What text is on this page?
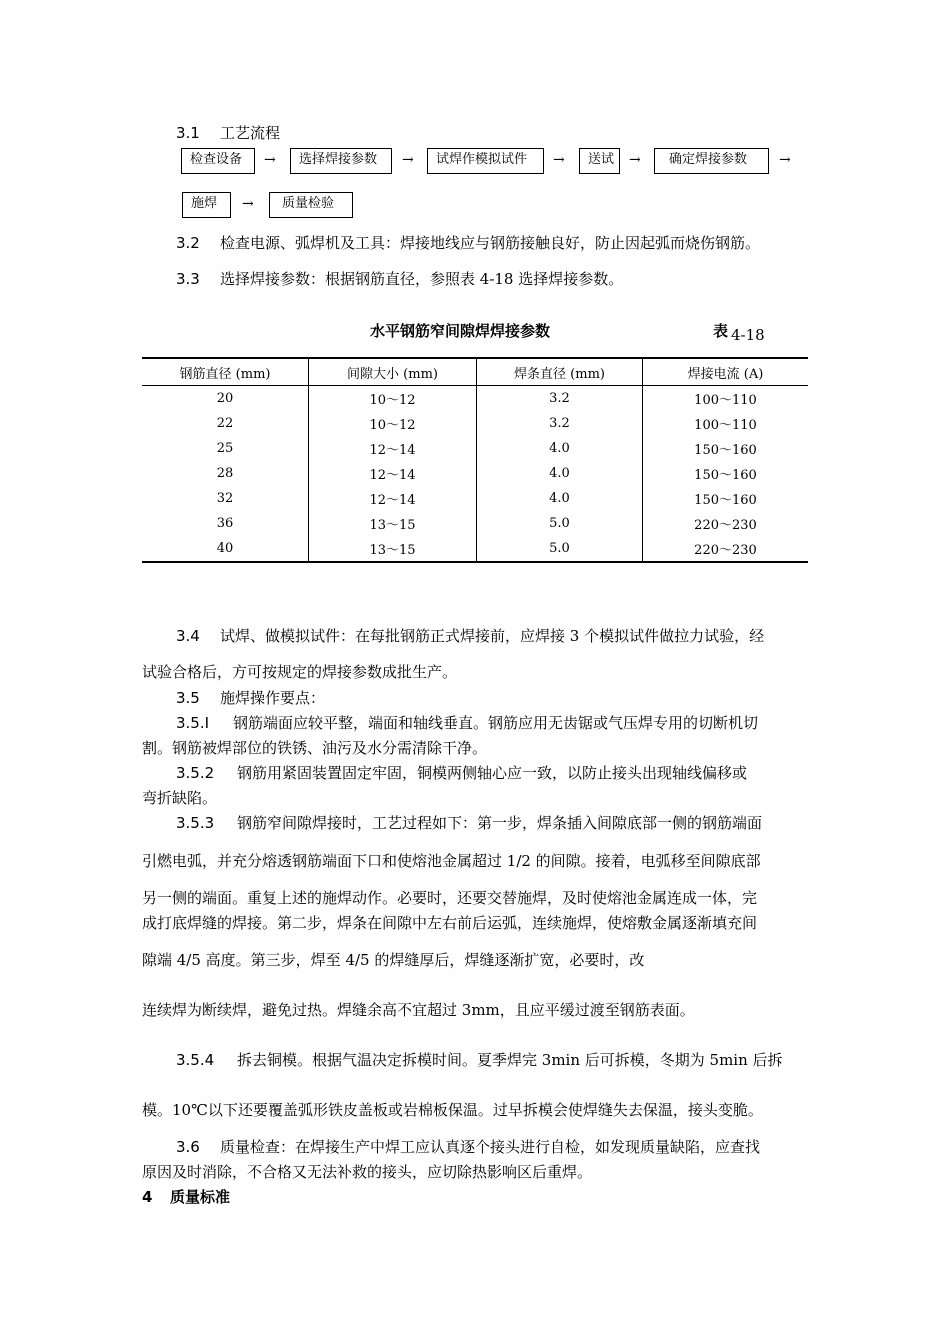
3.1 工艺流程
检查设备	→	选择焊接参数	→	试焊作模拟试件	→	送试	→	确定焊接参数	→
施焊	→	质量检验
3.2 检查电源、弧焊机及工具：焊接地线应与钢筋接触良好，防止因起弧而烧伤钢筋。
3.3 选择焊接参数：根据钢筋直径，参照表 4-18 选择焊接参数。
水平钢筋窄间隙焊焊接参数	表 4-18
钢筋直径 (mm)	间隙大小 (mm)	焊条直径 (mm)	焊接电流 (A)
20	10～12	3.2	100～110
22	10～12	3.2	100～110
25	12～14	4.0	150～160
28	12～14	4.0	150～160
32	12～14	4.0	150～160
36	13～15	5.0	220～230
40	13～15	5.0	220～230
3.4 试焊、做模拟试件：在每批钢筋正式焊接前，应焊接 3 个模拟试件做拉力试验，经
试验合格后，方可按规定的焊接参数成批生产。
3.5 施焊操作要点：
3.5.Ⅰ 钢筋端面应较平整，端面和轴线垂直。钢筋应用无齿锯或气压焊专用的切断机切
割。钢筋被焊部位的铁锈、油污及水分需清除干净。
3.5.2 钢筋用紧固装置固定牢固，铜模两侧轴心应一致，以防止接头出现轴线偏移或
弯折缺陷。
3.5.3 钢筋窄间隙焊接时，工艺过程如下：第一步，焊条插入间隙底部一侧的钢筋端面
引燃电弧，并充分熔透钢筋端面下口和使熔池金属超过 1/2 的间隙。接着，电弧移至间隙底部
另一侧的端面。重复上述的施焊动作。必要时，还要交替施焊，及时使熔池金属连成一体，完
成打底焊缝的焊接。第二步，焊条在间隙中左右前后运弧，连续施焊，使熔敷金属逐渐填充间
隙端 4/5 高度。第三步，焊至 4/5 的焊缝厚后，焊缝逐渐扩宽，必要时，改
连续焊为断续焊，避免过热。焊缝余高不宜超过 3mm，且应平缓过渡至钢筋表面。
3.5.4 拆去铜模。根据气温决定拆模时间。夏季焊完 3min 后可拆模，冬期为 5min 后拆
模。10℃以下还要覆盖弧形铁皮盖板或岩棉板保温。过早拆模会使焊缝失去保温，接头变脆。
3.6 质量检查：在焊接生产中焊工应认真逐个接头进行自检，如发现质量缺陷，应查找
原因及时消除，不合格又无法补救的接头，应切除热影响区后重焊。
4 质量标准
